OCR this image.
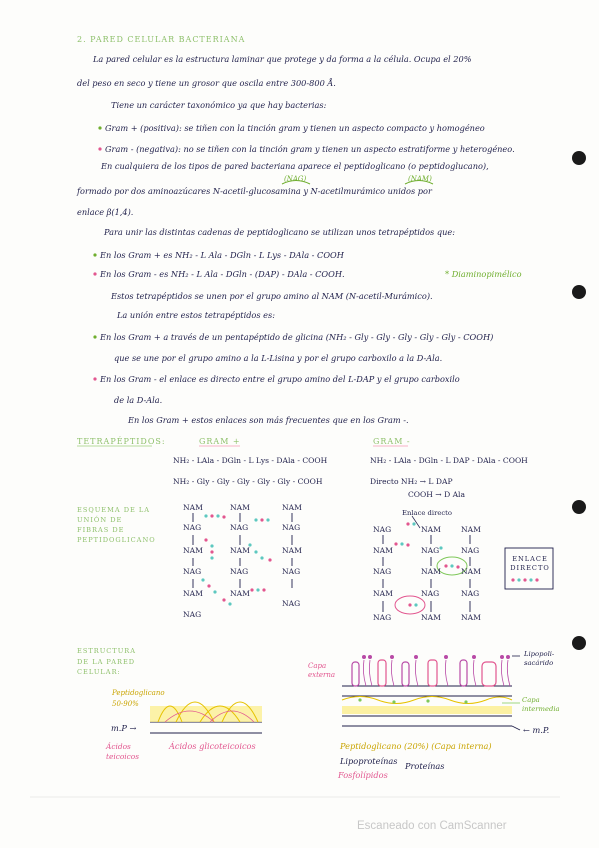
2. PARED CELULAR BACTERIANA
La pared celular es la estructura laminar que protege y da forma a la célula. Ocupa el 20%
del peso en seco y tiene un grosor que oscila entre 300-800 Å.
Tiene un carácter taxonómico ya que hay bacterias:
Gram + (positiva): se tiñen con la tinción gram y tienen un aspecto compacto y homogéneo
Gram - (negativa): no se tiñen con la tinción gram y tienen un aspecto estratiforme y heterogéneo.
En cualquiera de los tipos de pared bacteriana aparece el peptidoglicano (o peptidoglucano),
(NAG)	(NAM)
formado por dos aminoazúcares N-acetil-glucosamina y N-acetilmurámico unidos por
enlace β(1,4).
Para unir las distintas cadenas de peptidoglicano se utilizan unos tetrapéptidos que:
En los Gram + es NH₂ - L Ala - DGln - L Lys - DAla - COOH
En los Gram - es NH₂ - L Ala - DGln - (DAP) - DAla - COOH.	* Diaminopimélico
Estos tetrapéptidos se unen por el grupo amino al NAM (N-acetil-Murámico).
La unión entre estos tetrapéptidos es:
En los Gram + a través de un pentapéptido de glicina (NH₂ - Gly - Gly - Gly - Gly - Gly - COOH)
que se une por el grupo amino a la L-Lisina y por el grupo carboxilo a la D-Ala.
En los Gram - el enlace es directo entre el grupo amino del L-DAP y el grupo carboxilo
de la D-Ala.
En los Gram + estos enlaces son más frecuentes que en los Gram -.
TETRAPÉPTIDOS:	GRAM +	GRAM -
NH₂ - LAla - DGln - L Lys - DAla - COOH
NH₂ - Gly - Gly - Gly - Gly - Gly - COOH
NH₂ - LAla - DGln - L DAP - DAla - COOH
Directo NH₂ → L DAP
COOH → D Ala
ESQUEMA DE LA UNIÓN DE FIBRAS DE PEPTIDOGLICANO
NAM	NAM	NAM
NAG	NAG	NAG
NAM	NAM	NAM
NAG	NAG	NAG
NAM	NAM
NAG
NAG
Enlace directo
NAG	NAM	NAM
NAM	NAG	NAG
NAG	NAM	NAM
NAM	NAG	NAG
NAG	NAM	NAM
ENLACE DIRECTO
ESTRUCTURA DE LA PARED CELULAR:
Peptidoglicano 50-90%
m.P →
Ácidos teicoicos
Ácidos glicoteicoicos
Capa externa
Lipopoli-sacárido
Capa intermedia
← m.P.
Peptidoglicano (20%) (Capa interna)
Lipoproteínas
Fosfolípidos
Proteínas
Escaneado con CamScanner
